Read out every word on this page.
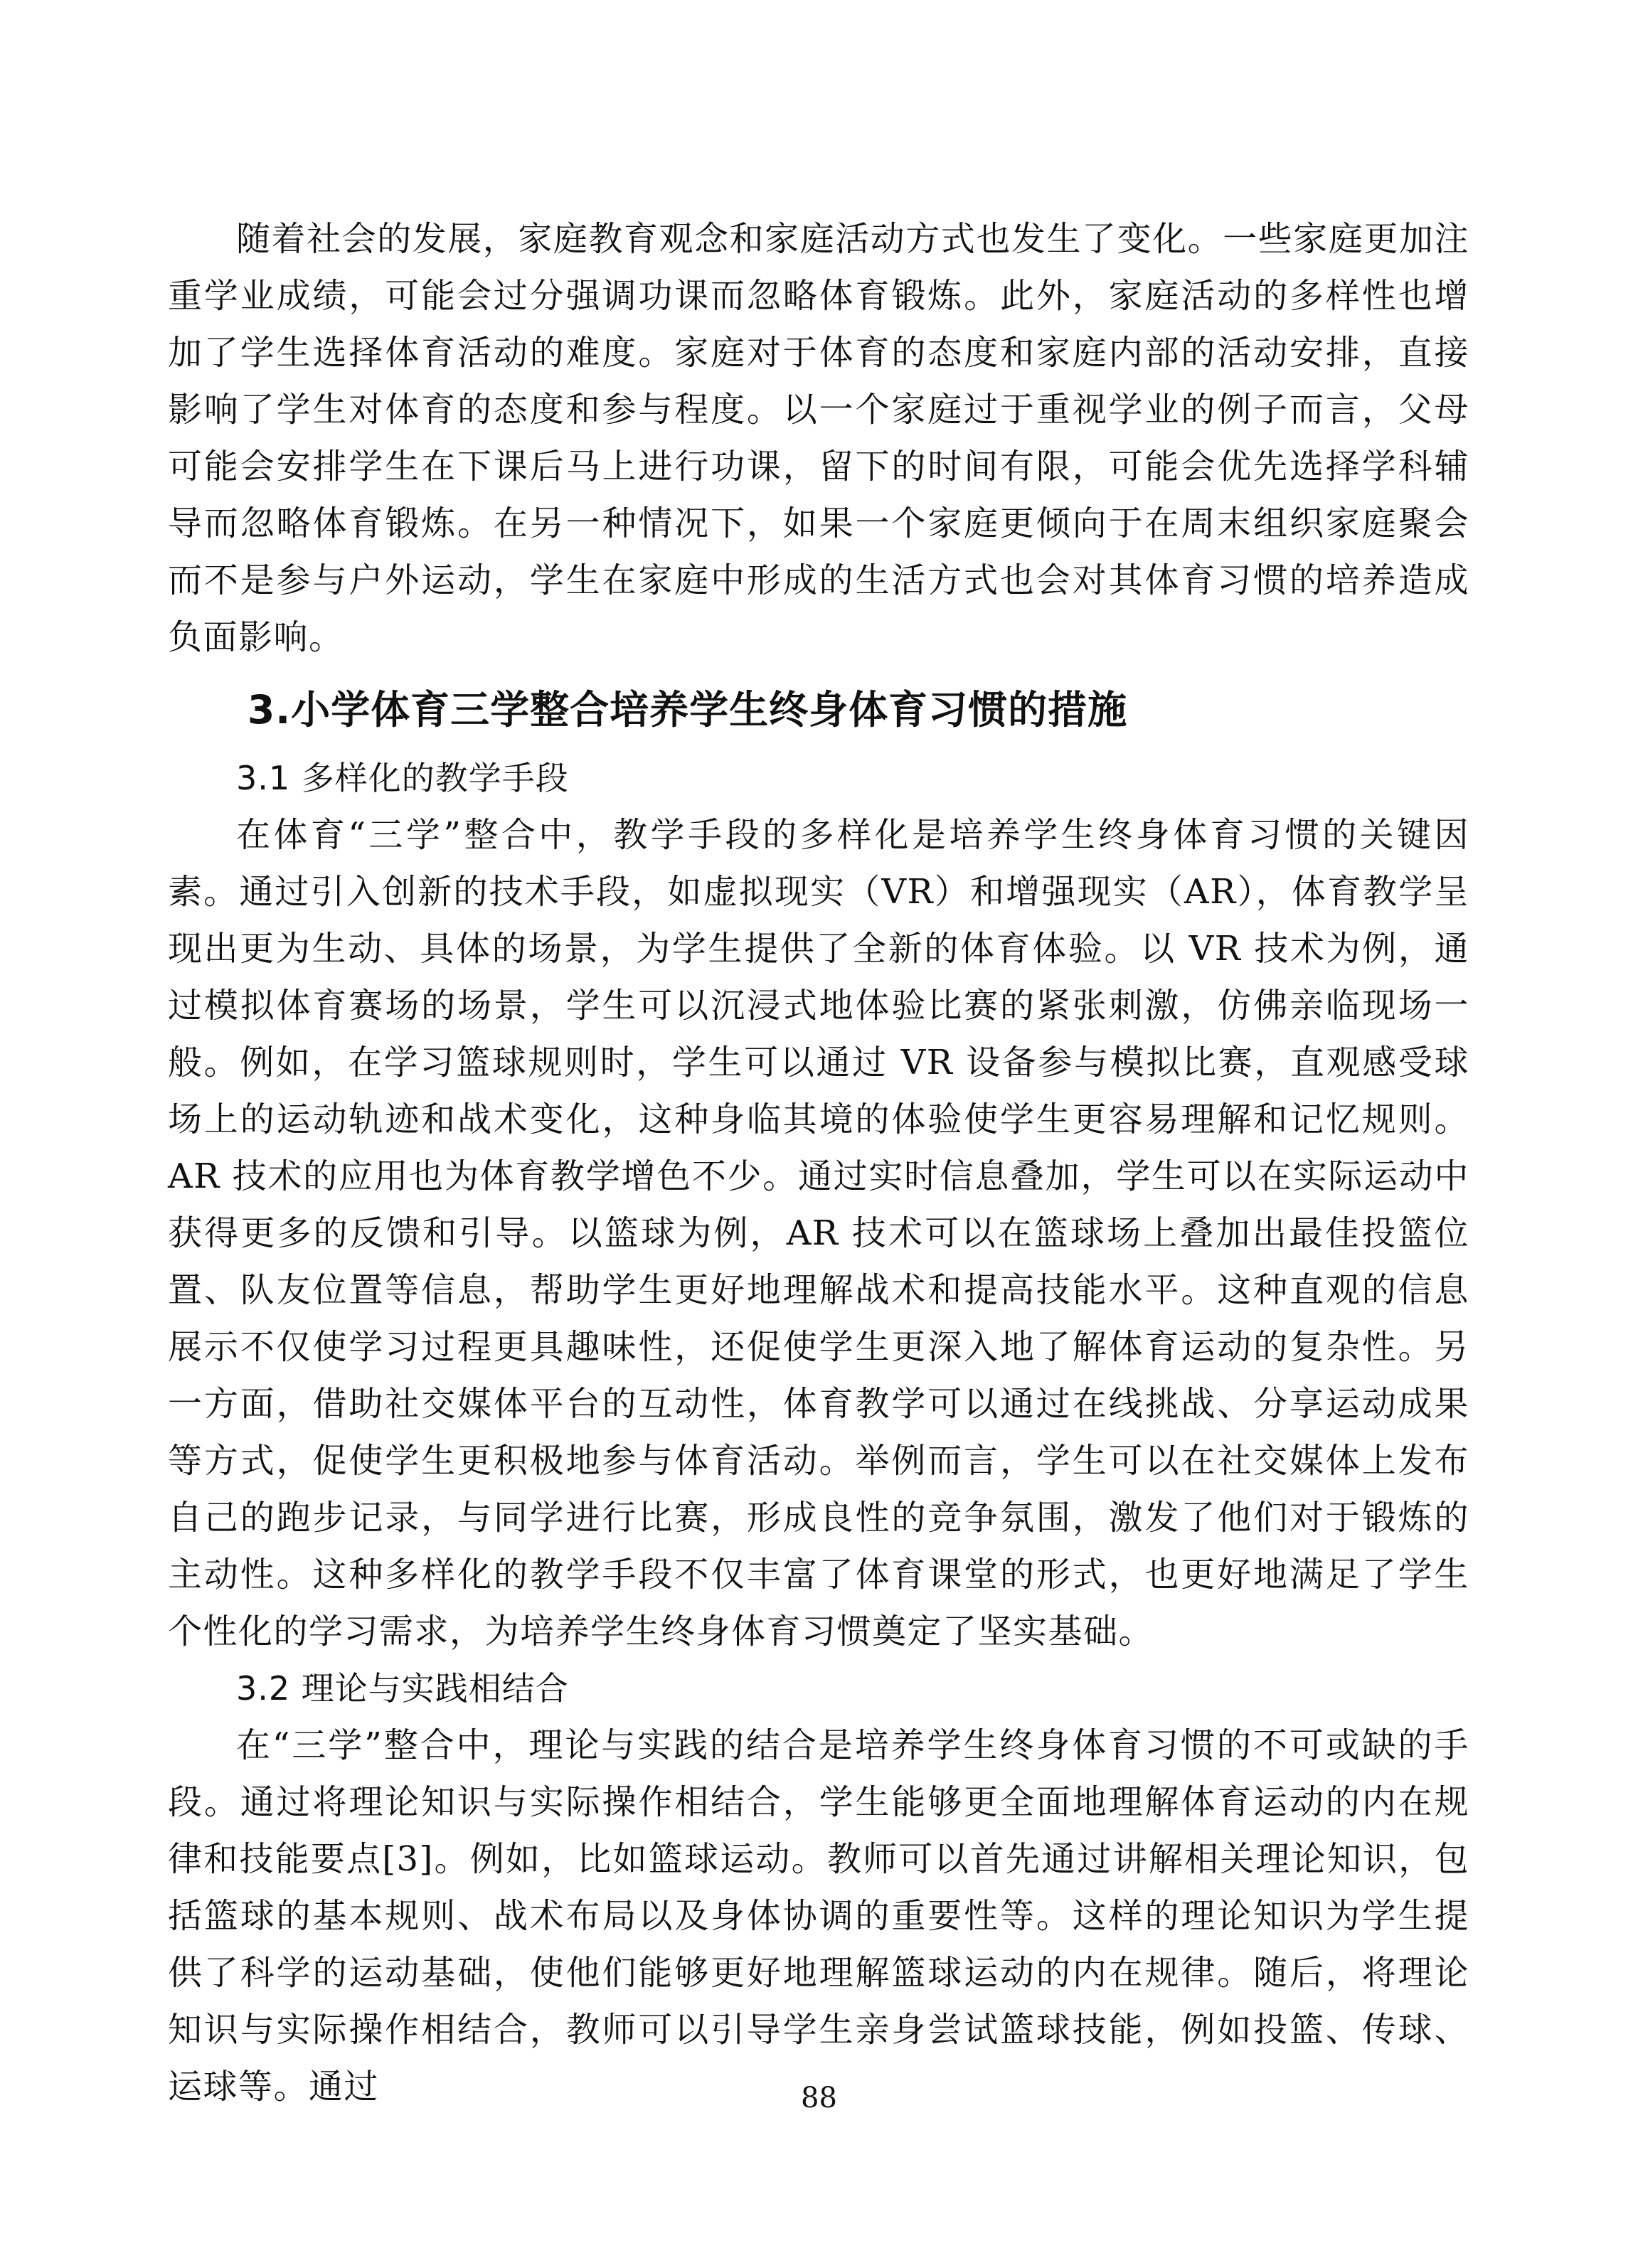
随着社会的发展，家庭教育观念和家庭活动方式也发生了变化。一些家庭更加注重学业成绩，可能会过分强调功课而忽略体育锻炼。此外，家庭活动的多样性也增加了学生选择体育活动的难度。家庭对于体育的态度和家庭内部的活动安排，直接影响了学生对体育的态度和参与程度。以一个家庭过于重视学业的例子而言，父母可能会安排学生在下课后马上进行功课，留下的时间有限，可能会优先选择学科辅导而忽略体育锻炼。在另一种情况下，如果一个家庭更倾向于在周末组织家庭聚会而不是参与户外运动，学生在家庭中形成的生活方式也会对其体育习惯的培养造成负面影响。

3.小学体育三学整合培养学生终身体育习惯的措施
3.1 多样化的教学手段

在体育“三学”整合中，教学手段的多样化是培养学生终身体育习惯的关键因素。通过引入创新的技术手段，如虚拟现实（VR）和增强现实（AR），体育教学呈现出更为生动、具体的场景，为学生提供了全新的体育体验。以 VR 技术为例，通过模拟体育赛场的场景，学生可以沉浸式地体验比赛的紧张刺激，仿佛亲临现场一般。例如，在学习篮球规则时，学生可以通过 VR 设备参与模拟比赛，直观感受球场上的运动轨迹和战术变化，这种身临其境的体验使学生更容易理解和记忆规则。AR 技术的应用也为体育教学增色不少。通过实时信息叠加，学生可以在实际运动中获得更多的反馈和引导。以篮球为例，AR 技术可以在篮球场上叠加出最佳投篮位置、队友位置等信息，帮助学生更好地理解战术和提高技能水平。这种直观的信息展示不仅使学习过程更具趣味性，还促使学生更深入地了解体育运动的复杂性。另一方面，借助社交媒体平台的互动性，体育教学可以通过在线挑战、分享运动成果等方式，促使学生更积极地参与体育活动。举例而言，学生可以在社交媒体上发布自己的跑步记录，与同学进行比赛，形成良性的竞争氛围，激发了他们对于锻炼的主动性。这种多样化的教学手段不仅丰富了体育课堂的形式，也更好地满足了学生个性化的学习需求，为培养学生终身体育习惯奠定了坚实基础。

3.2 理论与实践相结合

在“三学”整合中，理论与实践的结合是培养学生终身体育习惯的不可或缺的手段。通过将理论知识与实际操作相结合，学生能够更全面地理解体育运动的内在规律和技能要点[3]。例如，比如篮球运动。教师可以首先通过讲解相关理论知识，包括篮球的基本规则、战术布局以及身体协调的重要性等。这样的理论知识为学生提供了科学的运动基础，使他们能够更好地理解篮球运动的内在规律。随后，将理论知识与实际操作相结合，教师可以引导学生亲身尝试篮球技能，例如投篮、传球、运球等。通过	88
